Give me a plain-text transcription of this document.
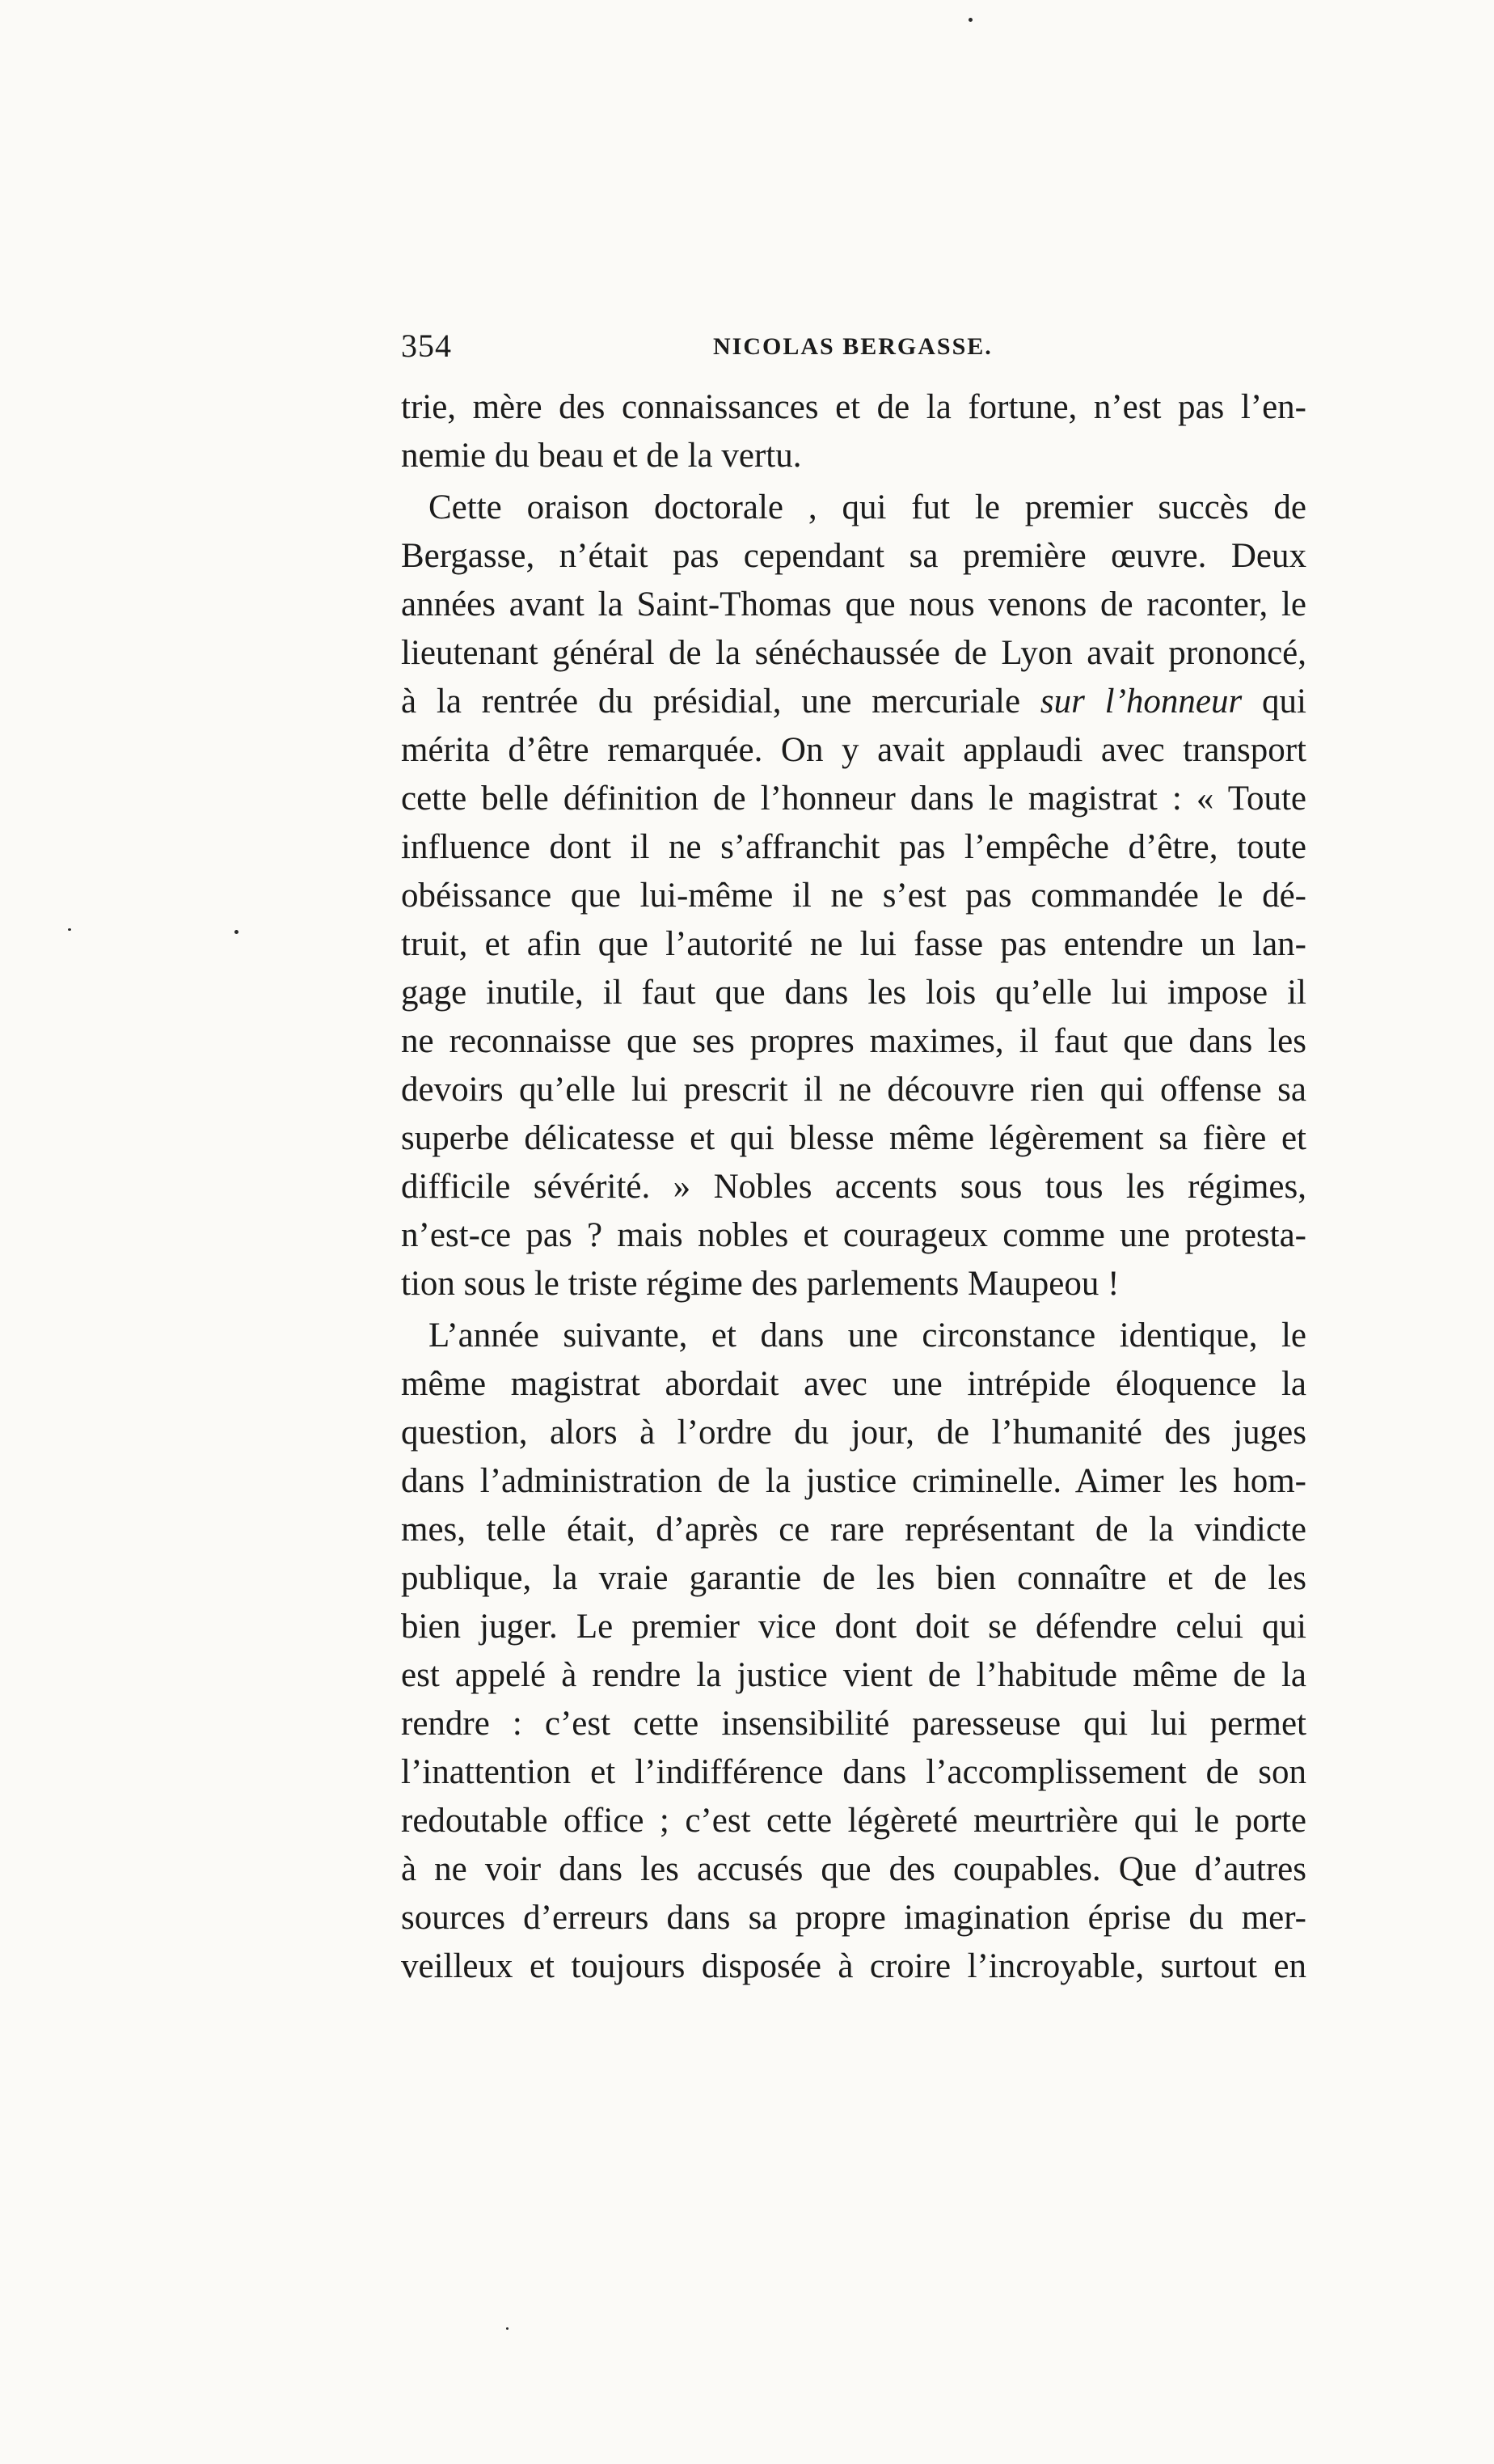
354	NICOLAS BERGASSE.
trie, mère des connaissances et de la fortune, n’est pas l’en-
nemie du beau et de la vertu.
Cette oraison doctorale , qui fut le premier succès de
Bergasse, n’était pas cependant sa première œuvre. Deux
années avant la Saint-Thomas que nous venons de raconter, le
lieutenant général de la sénéchaussée de Lyon avait prononcé,
à la rentrée du présidial, une mercuriale sur l’honneur qui
mérita d’être remarquée. On y avait applaudi avec transport
cette belle définition de l’honneur dans le magistrat : « Toute
influence dont il ne s’affranchit pas l’empêche d’être, toute
obéissance que lui-même il ne s’est pas commandée le dé-
truit, et afin que l’autorité ne lui fasse pas entendre un lan-
gage inutile, il faut que dans les lois qu’elle lui impose il
ne reconnaisse que ses propres maximes, il faut que dans les
devoirs qu’elle lui prescrit il ne découvre rien qui offense sa
superbe délicatesse et qui blesse même légèrement sa fière et
difficile sévérité. » Nobles accents sous tous les régimes,
n’est-ce pas ? mais nobles et courageux comme une protesta-
tion sous le triste régime des parlements Maupeou !
L’année suivante, et dans une circonstance identique, le
même magistrat abordait avec une intrépide éloquence la
question, alors à l’ordre du jour, de l’humanité des juges
dans l’administration de la justice criminelle. Aimer les hom-
mes, telle était, d’après ce rare représentant de la vindicte
publique, la vraie garantie de les bien connaître et de les
bien juger. Le premier vice dont doit se défendre celui qui
est appelé à rendre la justice vient de l’habitude même de la
rendre : c’est cette insensibilité paresseuse qui lui permet
l’inattention et l’indifférence dans l’accomplissement de son
redoutable office ; c’est cette légèreté meurtrière qui le porte
à ne voir dans les accusés que des coupables. Que d’autres
sources d’erreurs dans sa propre imagination éprise du mer-
veilleux et toujours disposée à croire l’incroyable, surtout en
